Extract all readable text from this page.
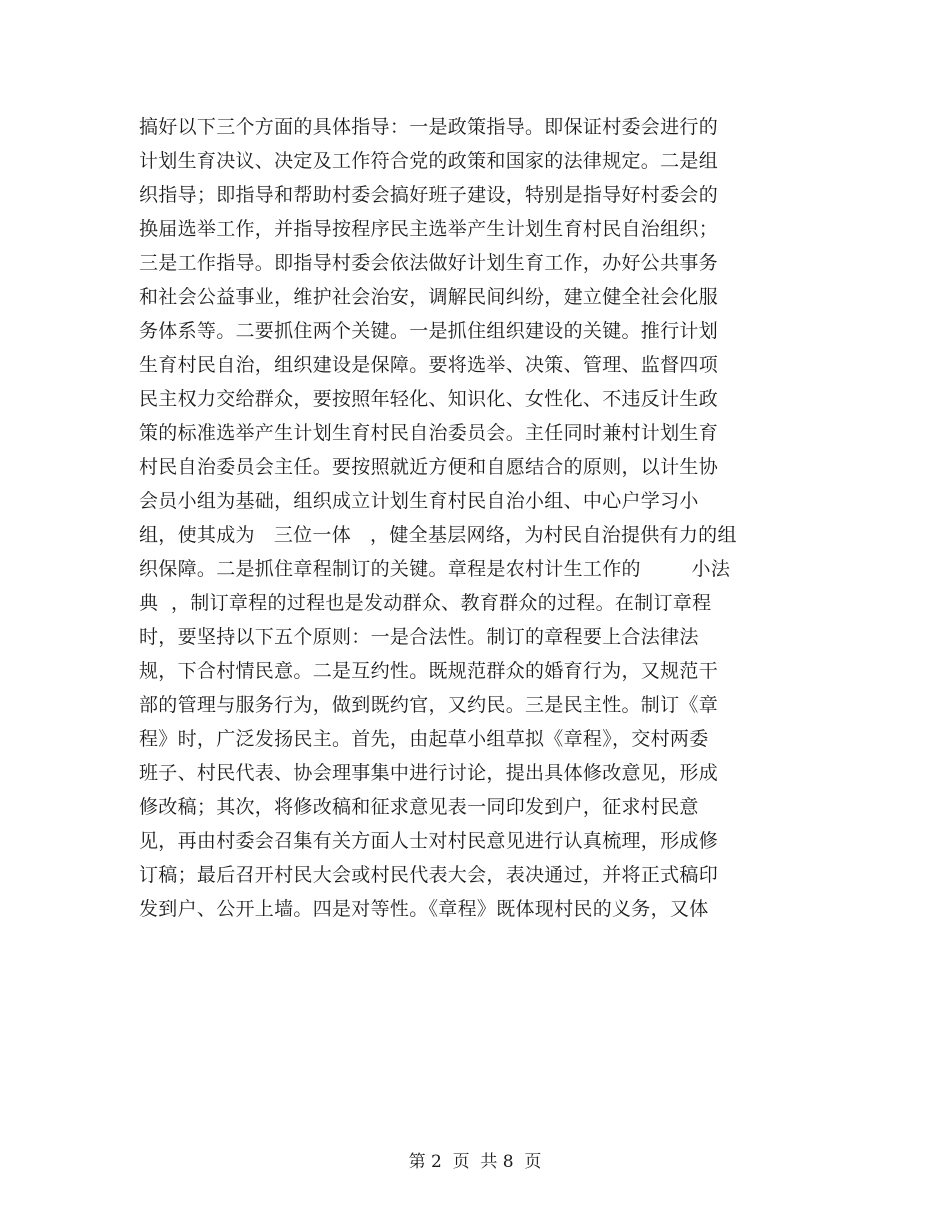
搞好以下三个方面的具体指导：一是政策指导。即保证村委会进行的
计划生育决议、决定及工作符合党的政策和国家的法律规定。二是组
织指导；即指导和帮助村委会搞好班子建设，特别是指导好村委会的
换届选举工作，并指导按程序民主选举产生计划生育村民自治组织；
三是工作指导。即指导村委会依法做好计划生育工作，办好公共事务
和社会公益事业，维护社会治安，调解民间纠纷，建立健全社会化服
务体系等。二要抓住两个关键。一是抓住组织建设的关键。推行计划
生育村民自治，组织建设是保障。要将选举、决策、管理、监督四项
民主权力交给群众，要按照年轻化、知识化、女性化、不违反计生政
策的标准选举产生计划生育村民自治委员会。主任同时兼村计划生育
村民自治委员会主任。要按照就近方便和自愿结合的原则，以计生协
会员小组为基础，组织成立计划生育村民自治小组、中心户学习小
组，使其成为   三位一体   ，健全基层网络，为村民自治提供有力的组
织保障。二是抓住章程制订的关键。章程是农村计生工作的        小法
典  ，制订章程的过程也是发动群众、教育群众的过程。在制订章程
时，要坚持以下五个原则：一是合法性。制订的章程要上合法律法
规，下合村情民意。二是互约性。既规范群众的婚育行为，又规范干
部的管理与服务行为，做到既约官，又约民。三是民主性。制订《章
程》时，广泛发扬民主。首先，由起草小组草拟《章程》，交村两委
班子、村民代表、协会理事集中进行讨论，提出具体修改意见，形成
修改稿；其次，将修改稿和征求意见表一同印发到户，征求村民意
见，再由村委会召集有关方面人士对村民意见进行认真梳理，形成修
订稿；最后召开村民大会或村民代表大会，表决通过，并将正式稿印
发到户、公开上墙。四是对等性。《章程》既体现村民的义务，又体
第 2  页  共 8  页
